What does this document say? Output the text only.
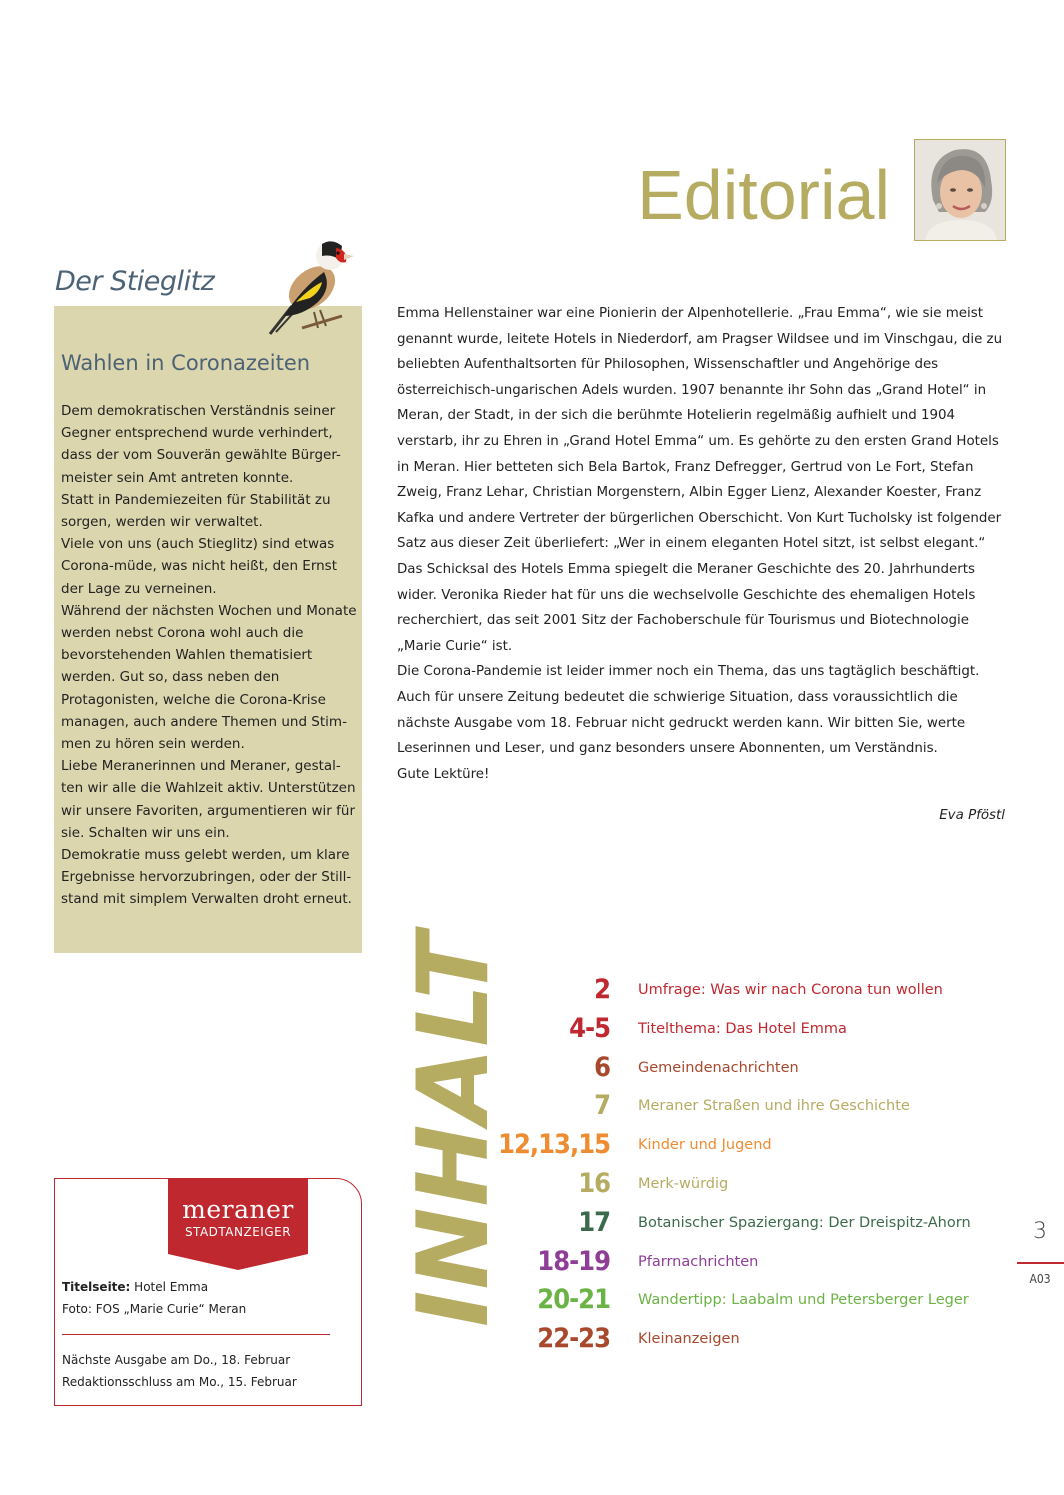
Editorial
Der Stieglitz
Wahlen in Coronazeiten

Dem demokratischen Verständnis seiner Gegner entsprechend wurde verhindert, dass der vom Souverän gewählte Bürger-meister sein Amt antreten konnte.

Statt in Pandemiezeiten für Stabilität zu sorgen, werden wir verwaltet.

Viele von uns (auch Stieglitz) sind etwas Corona-müde, was nicht heißt, den Ernst der Lage zu verneinen.

Während der nächsten Wochen und Monate werden nebst Corona wohl auch die bevorstehenden Wahlen thematisiert werden. Gut so, dass neben den Protagonisten, welche die Corona-Krise managen, auch andere Themen und Stim-men zu hören sein werden.

Liebe Meranerinnen und Meraner, gestal-ten wir alle die Wahlzeit aktiv. Unterstützen wir unsere Favoriten, argumentieren wir für sie. Schalten wir uns ein.

Demokratie muss gelebt werden, um klare Ergebnisse hervorzubringen, oder der Still-stand mit simplem Verwalten droht erneut.

Emma Hellenstainer war eine Pionierin der Alpenhotellerie. „Frau Emma“, wie sie meist genannt wurde, leitete Hotels in Niederdorf, am Pragser Wildsee und im Vinschgau, die zu beliebten Aufenthaltsorten für Philosophen, Wissenschaftler und Angehörige des österreichisch-ungarischen Adels wurden. 1907 benannte ihr Sohn das „Grand Hotel“ in Meran, der Stadt, in der sich die berühmte Hotelierin regelmäßig aufhielt und 1904 verstarb, ihr zu Ehren in „Grand Hotel Emma“ um. Es gehörte zu den ersten Grand Hotels in Meran. Hier betteten sich Bela Bartok, Franz Defregger, Gertrud von Le Fort, Stefan Zweig, Franz Lehar, Christian Morgenstern, Albin Egger Lienz, Alexander Koester, Franz Kafka und andere Vertreter der bürgerlichen Oberschicht. Von Kurt Tucholsky ist folgender Satz aus dieser Zeit überliefert: „Wer in einem eleganten Hotel sitzt, ist selbst elegant.“

Das Schicksal des Hotels Emma spiegelt die Meraner Geschichte des 20. Jahrhunderts wider. Veronika Rieder hat für uns die wechselvolle Geschichte des ehemaligen Hotels recherchiert, das seit 2001 Sitz der Fachoberschule für Tourismus und Biotechnologie „Marie Curie“ ist.

Die Corona-Pandemie ist leider immer noch ein Thema, das uns tagtäglich beschäftigt. Auch für unsere Zeitung bedeutet die schwierige Situation, dass voraussichtlich die nächste Ausgabe vom 18. Februar nicht gedruckt werden kann. Wir bitten Sie, werte Leserinnen und Leser, und ganz besonders unsere Abonnenten, um Verständnis.

Gute Lektüre!

Eva Pföstl
INHALT	2 Umfrage: Was wir nach Corona tun wollen
4-5 Titelthema: Das Hotel Emma
6 Gemeindenachrichten
7 Meraner Straßen und ihre Geschichte
12,13,15 Kinder und Jugend
16 Merk-würdig
17 Botanischer Spaziergang: Der Dreispitz-Ahorn
18-19 Pfarrnachrichten
20-21 Wandertipp: Laabalm und Petersberger Leger
22-23 Kleinanzeigen
meraner
STADTANZEIGER
Titelseite: Hotel Emma
Foto: FOS „Marie Curie“ Meran
Nächste Ausgabe am Do., 18. Februar
Redaktionsschluss am Mo., 15. Februar
3
A03
